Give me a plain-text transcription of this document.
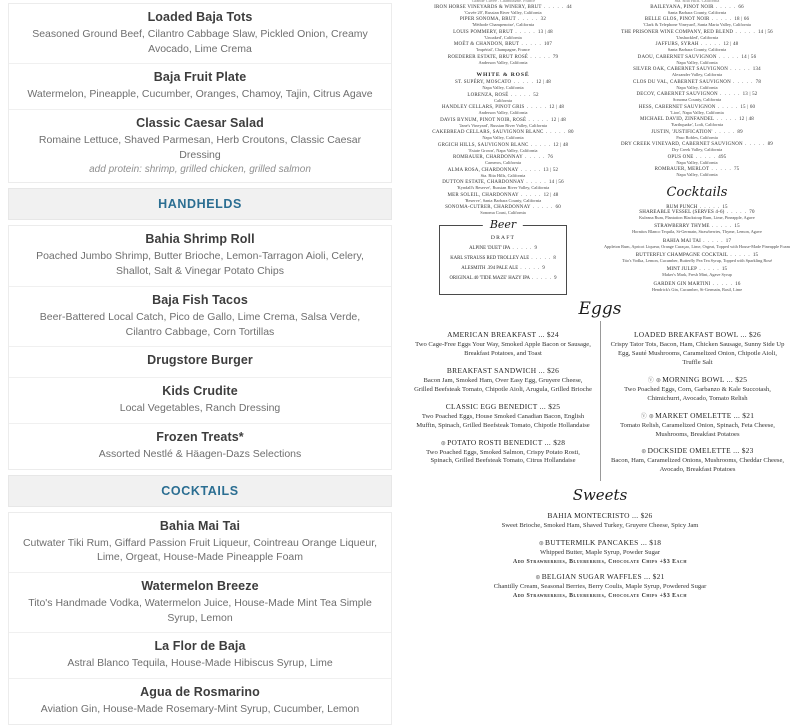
Loaded Baja Tots
Seasoned Ground Beef, Cilantro Cabbage Slaw, Pickled Onion, Creamy Avocado, Lime Crema
Baja Fruit Plate
Watermelon, Pineapple, Cucumber, Oranges, Chamoy, Tajin, Citrus Agave
Classic Caesar Salad
Romaine Lettuce, Shaved Parmesan, Herb Croutons, Classic Caesar Dressing
add protein: shrimp, grilled chicken, grilled salmon
HANDHELDS
Bahia Shrimp Roll
Poached Jumbo Shrimp, Butter Brioche, Lemon-Tarragon Aioli, Celery, Shallot, Salt & Vinegar Potato Chips
Baja Fish Tacos
Beer-Battered Local Catch, Pico de Gallo, Lime Crema, Salsa Verde, Cilantro Cabbage, Corn Tortillas
Drugstore Burger
Kids Crudite
Local Vegetables, Ranch Dressing
Frozen Treats*
Assorted Nestlé & Häagen-Dazs Selections
COCKTAILS
Bahia Mai Tai
Cutwater Tiki Rum, Giffard Passion Fruit Liqueur, Cointreau Orange Liqueur, Lime, Orgeat, House-Made Pineapple Foam
Watermelon Breeze
Tito's Handmade Vodka, Watermelon Juice, House-Made Mint Tea Simple Syrup, Lemon
La Flor de Baja
Astral Blanco Tequila, House-Made Hibiscus Syrup, Lime
Agua de Rosmarino
Aviation Gin, House-Made Rosemary-Mint Syrup, Cucumber, Lemon
IRON HORSE VINEYARDS & WINERY, BRUT . . .	44
'Cuvée 20', Russian River Valley, California
PIPER SONOMA, BRUT . . .	32
'Méthode Champenoise', California
LOUIS POMMERY, BRUT . . .	13 | 48
'Unoaked', California
MOËT & CHANDON, BRUT . . .	107
'Impérial', Champagne, France
ROEDERER ESTATE, BRUT ROSÉ . . .	79
Anderson Valley, California
WHITE & ROSÉ
ST. SUPÉRY, MOSCATO . . .	12 | 48
Napa Valley, California
LORENZA, ROSÉ . . .	52
California
HANDLEY CELLARS, PINOT GRIS . . .	12 | 48
Anderson Valley, California
DAVIS BYNUM, PINOT NOIR, ROSÉ . . .	12 | 48
'Jane's Vineyard', Russian River Valley, California
CAKEBREAD CELLARS, SAUVIGNON BLANC . . .	80
Napa Valley, California
GRGICH HILLS, SAUVIGNON BLANC . . .	12 | 48
'Estate Grown', Napa Valley, California
ROMBAUER, CHARDONNAY . . .	76
Carneros, California
ALMA ROSA, CHARDONNAY . . .	13 | 52
Sta. Rita Hills, California
DUTTON ESTATE, CHARDONNAY . . .	14 | 56
'Kyndall's Reserve', Russian River Valley, California
MER SOLEIL, CHARDONNAY . . .	12 | 48
'Reserve', Santa Barbara County, California
SONOMA-CUTRER, CHARDONNAY . . .	60
Sonoma Coast, California
Beer
DRAFT
ALPINE 'DUET' IPA . . .	9
KARL STRAUSS RED TROLLEY ALE . . .	8
ALESMITH .394 PALE ALE . . .	9
ORIGINAL 40 'TIDE MAZE' HAZY IPA . . .	9
BAILEYANA, PINOT NOIR . . .	66
Santa Barbara County, California
BELLE GLOS, PINOT NOIR . . .	18 | 66
'Clark & Telephone Vineyard', Santa Maria Valley, California
THE PRISONER WINE COMPANY, RED BLEND . . .	14 | 56
'Unshackled', California
JAFFURS, SYRAH . . .	12 | 48
Santa Barbara County, California
DAOU, CABERNET SAUVIGNON . . .	14 | 56
Napa Valley, California
SILVER OAK, CABERNET SAUVIGNON . . .	134
Alexander Valley, California
CLOS DU VAL, CABERNET SAUVIGNON . . .	78
Napa Valley, California
DECOY, CABERNET SAUVIGNON . . .	13 | 52
Sonoma County, California
HESS, CABERNET SAUVIGNON . . .	15 | 60
'Lion', Napa Valley, California
MICHAEL DAVID, ZINFANDEL . . .	12 | 48
'Earthquake', Lodi, California
JUSTIN, 'JUSTIFICATION' . . .	89
Paso Robles, California
DRY CREEK VINEYARD, CABERNET SAUVIGNON . . .	89
Dry Creek Valley, California
OPUS ONE . . .	495
Napa Valley, California
ROMBAUER, MERLOT . . .	75
Napa Valley, California
Cocktails
RUM PUNCH . . .	15
SHAREABLE VESSEL (SERVES 4-6) . . .	70
Kuleana Rum, Plantation Blackstrap Rum, Lime, Pineapple, Agave
STRAWBERRY THYME . . .	15
Hornitos Blanco Tequila, St-Germain, Strawberries, Thyme, Lemon, Agave
BAHIA MAI TAI . . .	17
Appleton Rum, Apricot Liqueur, Orange Curaçao, Lime, Orgeat, Topped with House-Made Pineapple Foam
BUTTERFLY CHAMPAGNE COCKTAIL . . .	15
Tito's Vodka, Lemon, Cucumber, Butterfly Pea Tea Syrup, Topped with Sparkling Rosé
MINT JULEP . . .	15
Maker's Mark, Fresh Mint, Agave Syrup
GARDEN GIN MARTINI . . .	16
Hendrick's Gin, Cucumber, St-Germain, Basil, Lime
Eggs
AMERICAN BREAKFAST ... $24
Two Cage-Free Eggs Your Way, Smoked Apple Bacon or Sausage, Breakfast Potatoes, and Toast
BREAKFAST SANDWICH ... $26
Bacon Jam, Smoked Ham, Over Easy Egg, Gruyere Cheese, Grilled Beefsteak Tomato, Chipotle Aioli, Arugula, Grilled Brioche
CLASSIC EGG BENEDICT ... $25
Two Poached Eggs, House Smoked Canadian Bacon, English Muffin, Spinach, Grilled Beefsteak Tomato, Chipotle Hollandaise
⊛POTATO ROSTI BENEDICT ... $28
Two Poached Eggs, Smoked Salmon, Crispy Potato Rosti, Spinach, Grilled Beefsteak Tomato, Citrus Hollandaise
LOADED BREAKFAST BOWL ... $26
Crispy Tator Tots, Bacon, Ham, Chicken Sausage, Sunny Side Up Egg, Sauté Mushrooms, Caramelized Onion, Chipotle Aioli, Truffle Salt
Ⓥ ⊛MORNING BOWL ... $25
Two Poached Eggs, Corn, Garbanzo & Kale Succotash, Chimichurri, Avocado, Tomato Relish
Ⓥ ⊛MARKET OMELETTE ... $21
Tomato Relish, Caramelized Onion, Spinach, Feta Cheese, Mushrooms, Breakfast Potatoes
⊛DOCKSIDE OMELETTE ... $23
Bacon, Ham, Caramelized Onions, Mushrooms, Cheddar Cheese, Avocado, Breakfast Potatoes
Sweets
BAHIA MONTECRISTO ... $26
Sweet Brioche, Smoked Ham, Shaved Turkey, Gruyere Cheese, Spicy Jam
⊛BUTTERMILK PANCAKES ... $18
Whipped Butter, Maple Syrup, Powder Sugar
Add Strawberries, Blueberries, Chocolate Chips +$3 Each
⊛BELGIAN SUGAR WAFFLES ... $21
Chantilly Cream, Seasonal Berries, Berry Coulis, Maple Syrup, Powdered Sugar
Add Strawberries, Blueberries, Chocolate Chips +$3 Each
